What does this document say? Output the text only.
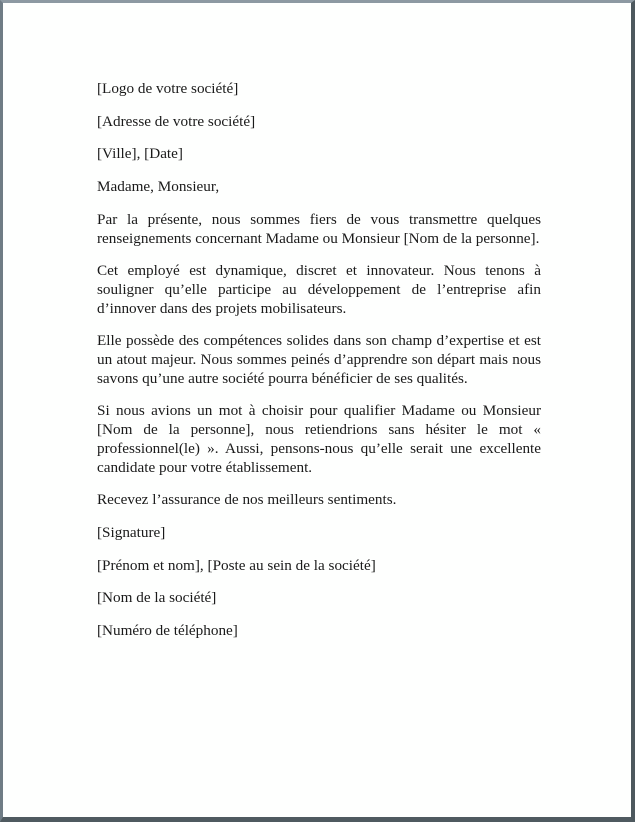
[Logo de votre société]

[Adresse de votre société]

[Ville], [Date]

Madame, Monsieur,

Par la présente, nous sommes fiers de vous transmettre quelques renseignements concernant Madame ou Monsieur [Nom de la personne].

Cet employé est dynamique, discret et innovateur. Nous tenons à souligner qu’elle participe au développement de l’entreprise afin d’innover dans des projets mobilisateurs.

Elle possède des compétences solides dans son champ d’expertise et est un atout majeur. Nous sommes peinés d’apprendre son départ mais nous savons qu’une autre société pourra bénéficier de ses qualités.

Si nous avions un mot à choisir pour qualifier Madame ou Monsieur [Nom de la personne], nous retiendrions sans hésiter le mot « professionnel(le) ». Aussi, pensons-nous qu’elle serait une excellente candidate pour votre établissement.

Recevez l’assurance de nos meilleurs sentiments.

[Signature]

[Prénom et nom], [Poste au sein de la société]

[Nom de la société]

[Numéro de téléphone]
